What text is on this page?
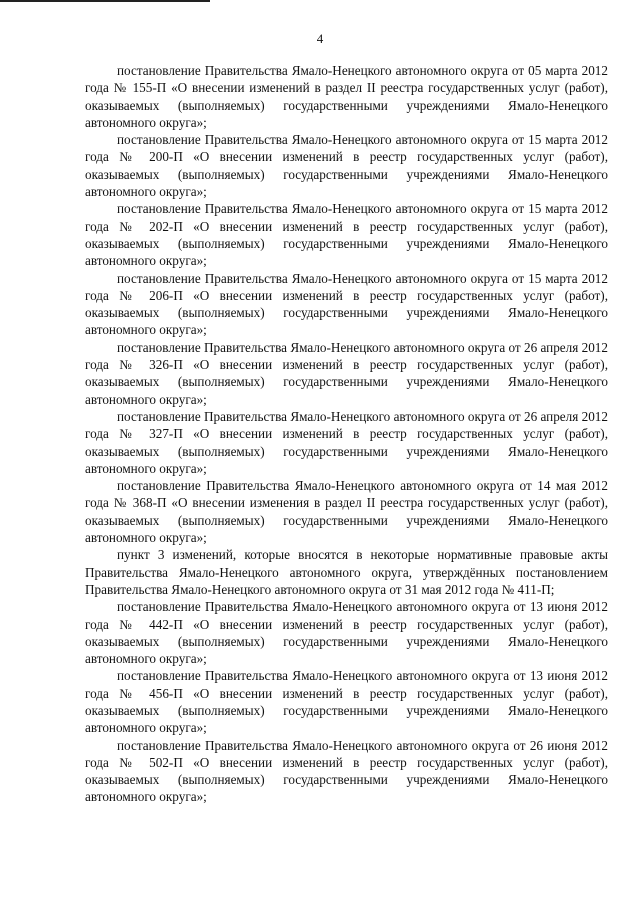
4

постановление Правительства Ямало-Ненецкого автономного округа от 05 марта 2012 года № 155-П «О внесении изменений в раздел II реестра государственных услуг (работ), оказываемых (выполняемых) государственными учреждениями Ямало-Ненецкого автономного округа»;

постановление Правительства Ямало-Ненецкого автономного округа от 15 марта 2012 года № 200-П «О внесении изменений в реестр государственных услуг (работ), оказываемых (выполняемых) государственными учреждениями Ямало-Ненецкого автономного округа»;

постановление Правительства Ямало-Ненецкого автономного округа от 15 марта 2012 года № 202-П «О внесении изменений в реестр государственных услуг (работ), оказываемых (выполняемых) государственными учреждениями Ямало-Ненецкого автономного округа»;

постановление Правительства Ямало-Ненецкого автономного округа от 15 марта 2012 года № 206-П «О внесении изменений в реестр государственных услуг (работ), оказываемых (выполняемых) государственными учреждениями Ямало-Ненецкого автономного округа»;

постановление Правительства Ямало-Ненецкого автономного округа от 26 апреля 2012 года № 326-П «О внесении изменений в реестр государственных услуг (работ), оказываемых (выполняемых) государственными учреждениями Ямало-Ненецкого автономного округа»;

постановление Правительства Ямало-Ненецкого автономного округа от 26 апреля 2012 года № 327-П «О внесении изменений в реестр государственных услуг (работ), оказываемых (выполняемых) государственными учреждениями Ямало-Ненецкого автономного округа»;

постановление Правительства Ямало-Ненецкого автономного округа от 14 мая 2012 года № 368-П «О внесении изменения в раздел II реестра государственных услуг (работ), оказываемых (выполняемых) государственными учреждениями Ямало-Ненецкого автономного округа»;

пункт 3 изменений, которые вносятся в некоторые нормативные правовые акты Правительства Ямало-Ненецкого автономного округа, утверждённых постановлением Правительства Ямало-Ненецкого автономного округа от 31 мая 2012 года № 411-П;

постановление Правительства Ямало-Ненецкого автономного округа от 13 июня 2012 года № 442-П «О внесении изменений в реестр государственных услуг (работ), оказываемых (выполняемых) государственными учреждениями Ямало-Ненецкого автономного округа»;

постановление Правительства Ямало-Ненецкого автономного округа от 13 июня 2012 года № 456-П «О внесении изменений в реестр государственных услуг (работ), оказываемых (выполняемых) государственными учреждениями Ямало-Ненецкого автономного округа»;

постановление Правительства Ямало-Ненецкого автономного округа от 26 июня 2012 года № 502-П «О внесении изменений в реестр государственных услуг (работ), оказываемых (выполняемых) государственными учреждениями Ямало-Ненецкого автономного округа»;
